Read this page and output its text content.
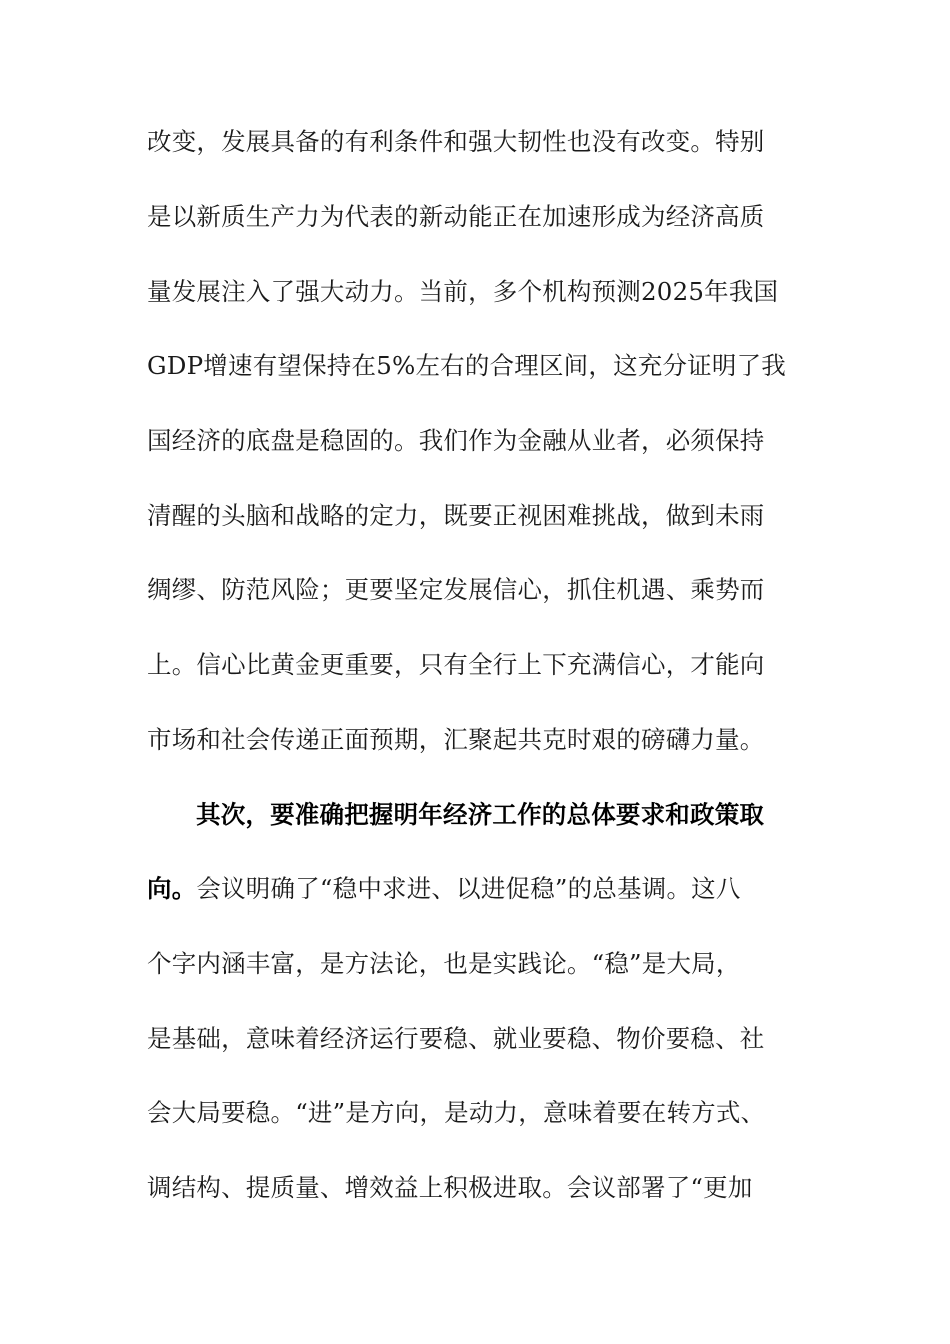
改变，发展具备的有利条件和强大韧性也没有改变。特别
是以新质生产力为代表的新动能正在加速形成为经济高质
量发展注入了强大动力。当前，多个机构预测2025年我国
GDP增速有望保持在5%左右的合理区间，这充分证明了我
国经济的底盘是稳固的。我们作为金融从业者，必须保持
清醒的头脑和战略的定力，既要正视困难挑战，做到未雨
绸缪、防范风险；更要坚定发展信心，抓住机遇、乘势而
上。信心比黄金更重要，只有全行上下充满信心，才能向
市场和社会传递正面预期，汇聚起共克时艰的磅礴力量。
其次，要准确把握明年经济工作的总体要求和政策取
向。会议明确了“稳中求进、以进促稳”的总基调。这八
个字内涵丰富，是方法论，也是实践论。“稳”是大局，
是基础，意味着经济运行要稳、就业要稳、物价要稳、社
会大局要稳。“进”是方向，是动力，意味着要在转方式、
调结构、提质量、增效益上积极进取。会议部署了“更加
